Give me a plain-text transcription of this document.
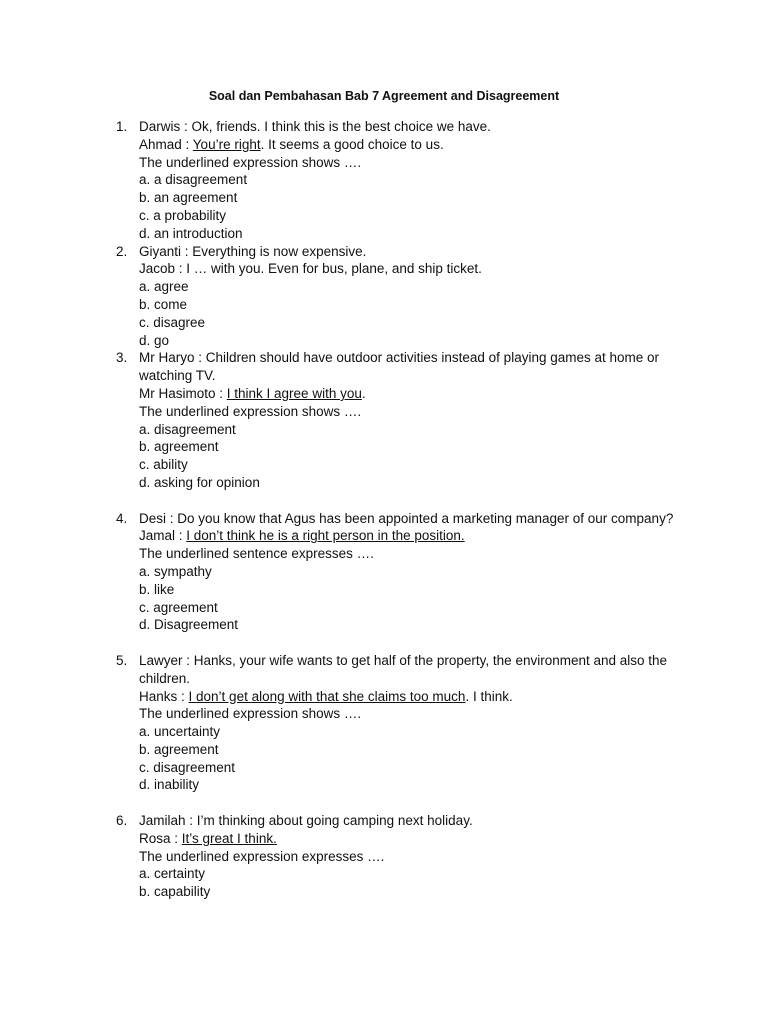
Soal dan Pembahasan Bab 7 Agreement and Disagreement
1. Darwis : Ok, friends. I think this is the best choice we have.
Ahmad : You’re right. It seems a good choice to us.
The underlined expression shows ….
a. a disagreement
b. an agreement
c. a probability
d. an introduction
2. Giyanti : Everything is now expensive.
Jacob : I … with you. Even for bus, plane, and ship ticket.
a. agree
b. come
c. disagree
d. go
3. Mr Haryo : Children should have outdoor activities instead of playing games at home or watching TV.
Mr Hasimoto : I think I agree with you.
The underlined expression shows ….
a. disagreement
b. agreement
c. ability
d. asking for opinion
4. Desi : Do you know that Agus has been appointed a marketing manager of our company?
Jamal : I don’t think he is a right person in the position.
The underlined sentence expresses ….
a. sympathy
b. like
c. agreement
d. Disagreement
5. Lawyer : Hanks, your wife wants to get half of the property, the environment and also the children.
Hanks : I don’t get along with that she claims too much. I think.
The underlined expression shows ….
a. uncertainty
b. agreement
c. disagreement
d. inability
6. Jamilah : I’m thinking about going camping next holiday.
Rosa : It’s great I think.
The underlined expression expresses ….
a. certainty
b. capability
